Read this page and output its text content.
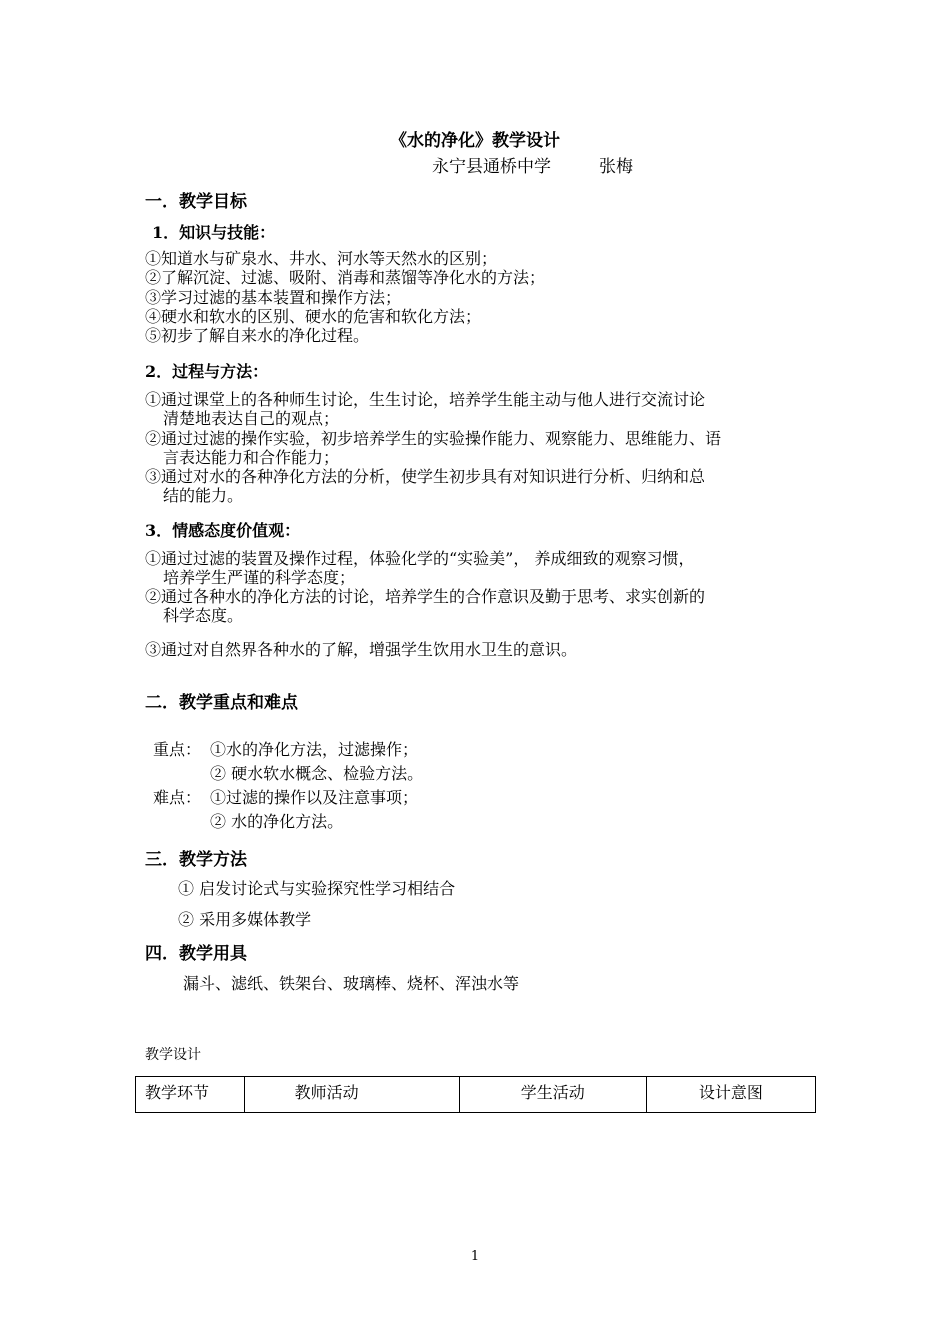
《水的净化》教学设计
永宁县通桥中学	张梅
一．教学目标
1．知识与技能：
①知道水与矿泉水、井水、河水等天然水的区别；
②了解沉淀、过滤、吸附、消毒和蒸馏等净化水的方法；
③学习过滤的基本装置和操作方法；
④硬水和软水的区别、硬水的危害和软化方法；
⑤初步了解自来水的净化过程。
2．过程与方法：
①通过课堂上的各种师生讨论，生生讨论，培养学生能主动与他人进行交流讨论
清楚地表达自己的观点；
②通过过滤的操作实验，初步培养学生的实验操作能力、观察能力、思维能力、语
言表达能力和合作能力；
③通过对水的各种净化方法的分析，使学生初步具有对知识进行分析、归纳和总
结的能力。
3．情感态度价值观：
①通过过滤的装置及操作过程，体验化学的“实验美”， 养成细致的观察习惯，
培养学生严谨的科学态度；
②通过各种水的净化方法的讨论，培养学生的合作意识及勤于思考、求实创新的
科学态度。
③通过对自然界各种水的了解，增强学生饮用水卫生的意识。
二．教学重点和难点
重点： ①水的净化方法，过滤操作；
② 硬水软水概念、检验方法。
难点： ①过滤的操作以及注意事项；
② 水的净化方法。
三．教学方法
① 启发讨论式与实验探究性学习相结合
② 采用多媒体教学
四．教学用具
漏斗、滤纸、铁架台、玻璃棒、烧杯、浑浊水等
教学设计
教学环节	教师活动	学生活动	设计意图
1
